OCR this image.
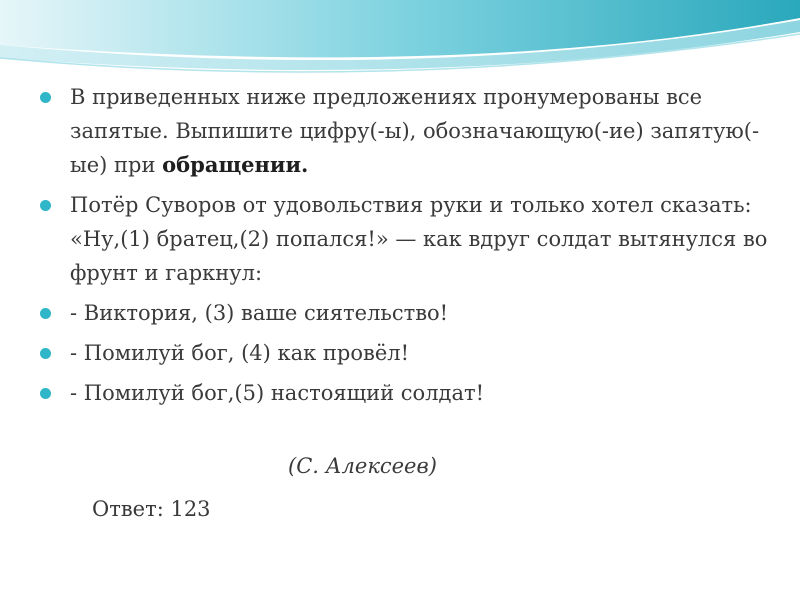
В приведенных ниже предложениях пронумерованы все запятые. Выпишите цифру(-ы), обозначающую(-ие) запятую(-ые) при обращении.
Потёр Суворов от удовольствия руки и только хотел сказать: «Ну,(1) братец,(2) попался!» — как вдруг солдат вытянулся во фрунт и гаркнул:
- Виктория, (3) ваше сиятельство!
- Помилуй бог, (4) как провёл!
- Помилуй бог,(5) настоящий солдат!
(С. Алексеев)
Ответ: 123
